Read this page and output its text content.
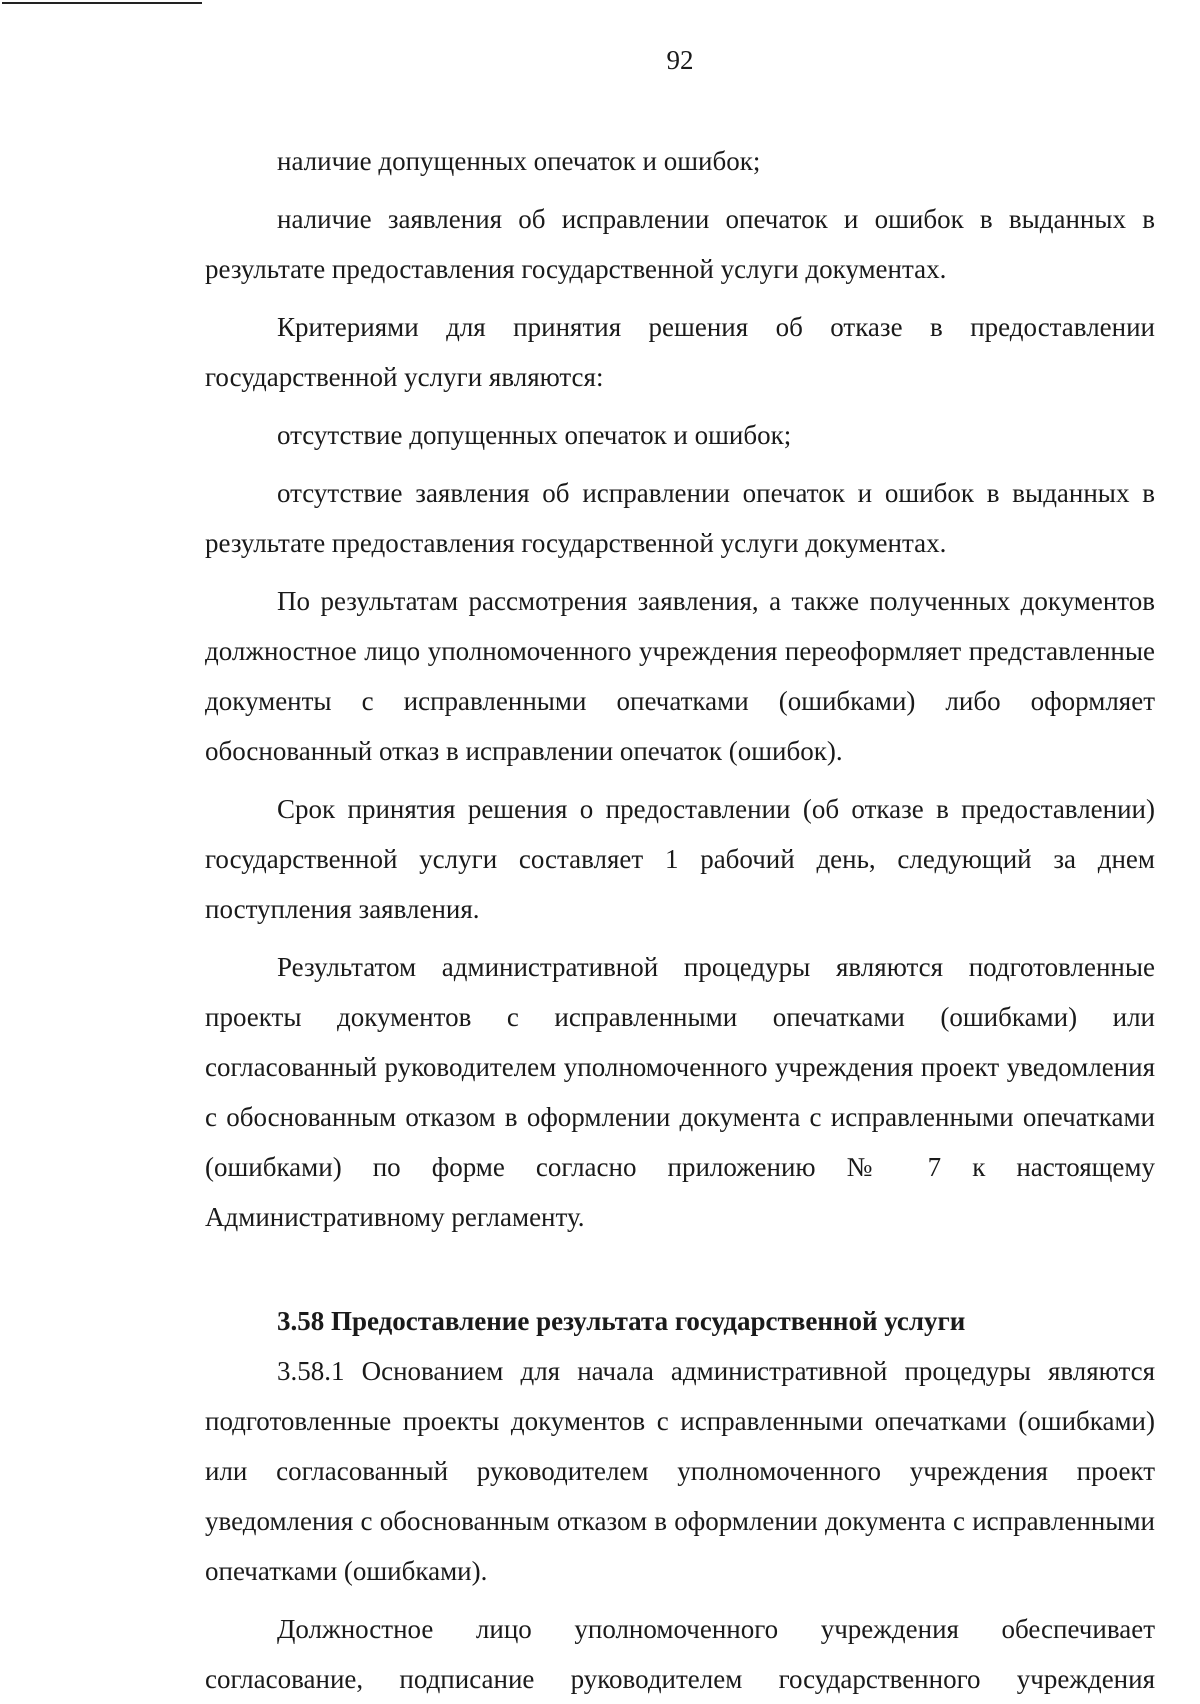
92

наличие допущенных опечаток и ошибок;

наличие заявления об исправлении опечаток и ошибок в выданных в результате предоставления государственной услуги документах.

Критериями для принятия решения об отказе в предоставлении государственной услуги являются:

отсутствие допущенных опечаток и ошибок;

отсутствие заявления об исправлении опечаток и ошибок в выданных в результате предоставления государственной услуги документах.

По результатам рассмотрения заявления, а также полученных документов должностное лицо уполномоченного учреждения переоформляет представленные документы с исправленными опечатками (ошибками) либо оформляет обоснованный отказ в исправлении опечаток (ошибок).

Срок принятия решения о предоставлении (об отказе в предоставлении) государственной услуги составляет 1 рабочий день, следующий за днем поступления заявления.

Результатом административной процедуры являются подготовленные проекты документов с исправленными опечатками (ошибками) или согласованный руководителем уполномоченного учреждения проект уведомления с обоснованным отказом в оформлении документа с исправленными опечатками (ошибками) по форме согласно приложению № 7 к настоящему Административному регламенту.

3.58 Предоставление результата государственной услуги

3.58.1 Основанием для начала административной процедуры являются подготовленные проекты документов с исправленными опечатками (ошибками) или согласованный руководителем уполномоченного учреждения проект уведомления с обоснованным отказом в оформлении документа с исправленными опечатками (ошибками).

Должностное лицо уполномоченного учреждения обеспечивает согласование, подписание руководителем государственного учреждения
